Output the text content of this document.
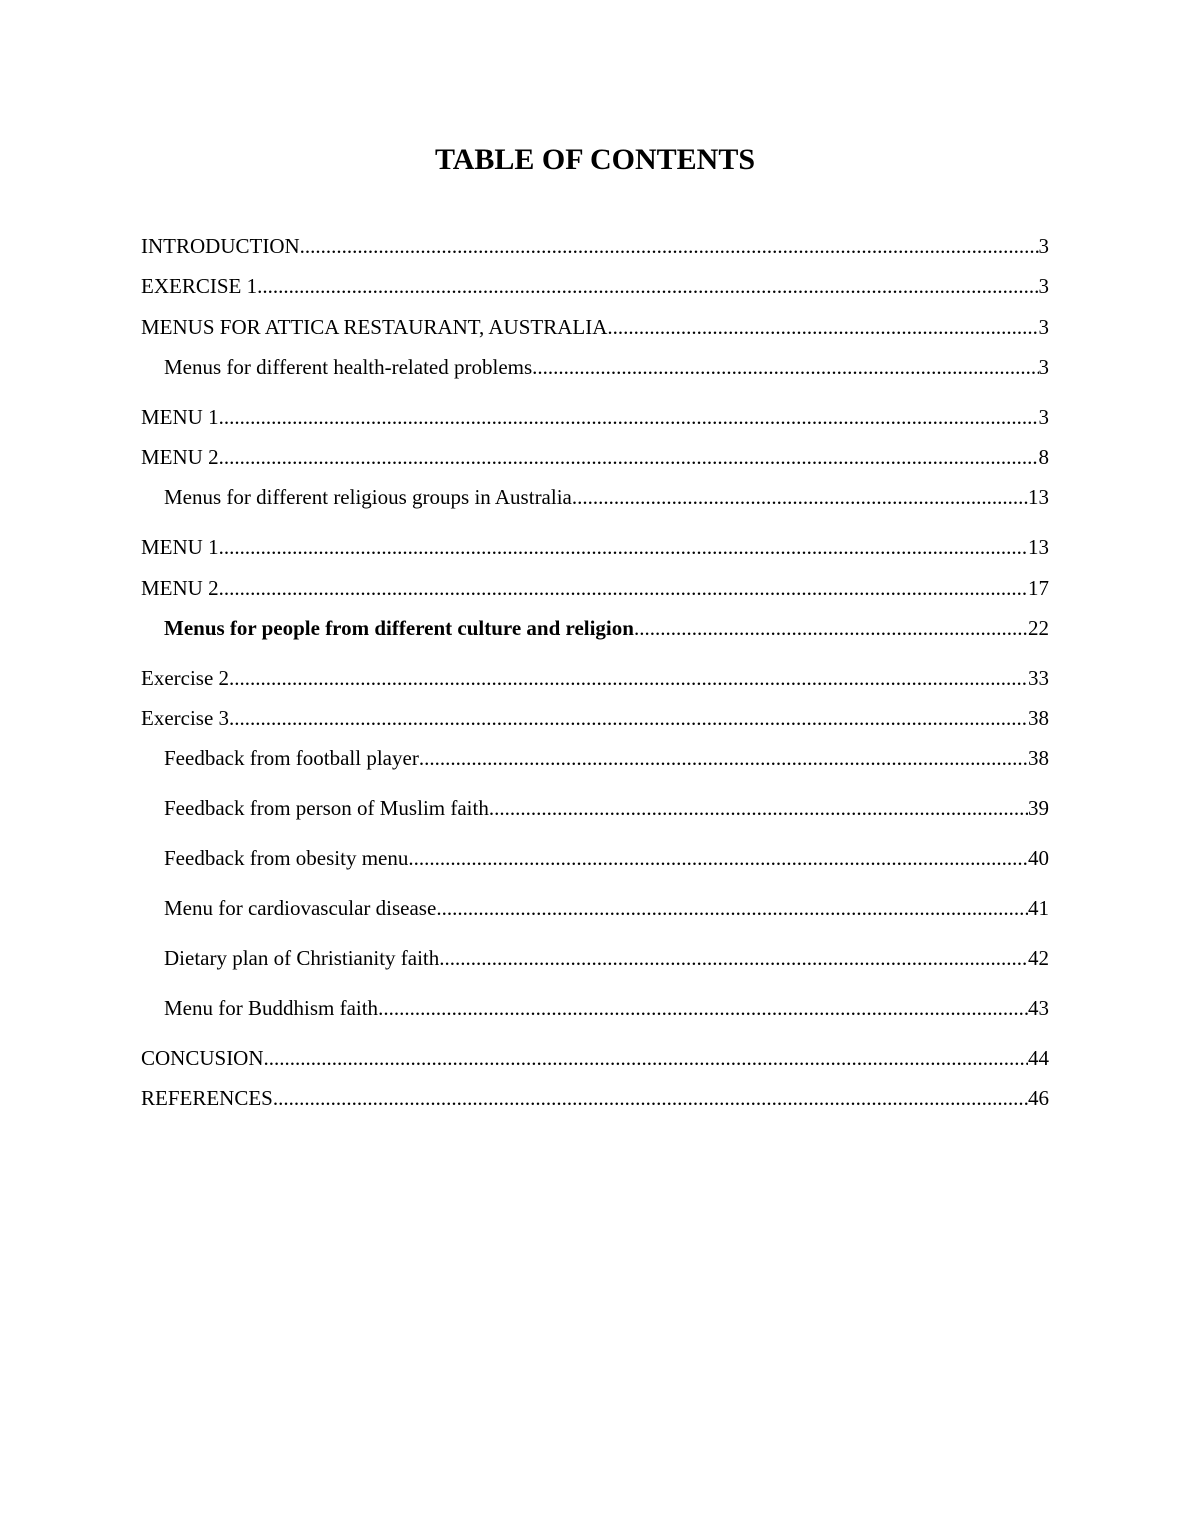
TABLE OF CONTENTS
INTRODUCTION .....	3
EXERCISE 1 .....	3
MENUS FOR ATTICA RESTAURANT, AUSTRALIA .....	3
Menus for different health-related problems .....	3
MENU 1 .....	3
MENU 2 .....	8
Menus for different religious groups in Australia .....	13
MENU 1 .....	13
MENU 2 .....	17
Menus for people from different culture and religion .....	22
Exercise 2 .....	33
Exercise 3 .....	38
Feedback from football player .....	38
Feedback from person of Muslim faith .....	39
Feedback from obesity menu .....	40
Menu for cardiovascular disease .....	41
Dietary plan of Christianity faith .....	42
Menu for Buddhism faith .....	43
CONCUSION .....	44
REFERENCES .....	46
